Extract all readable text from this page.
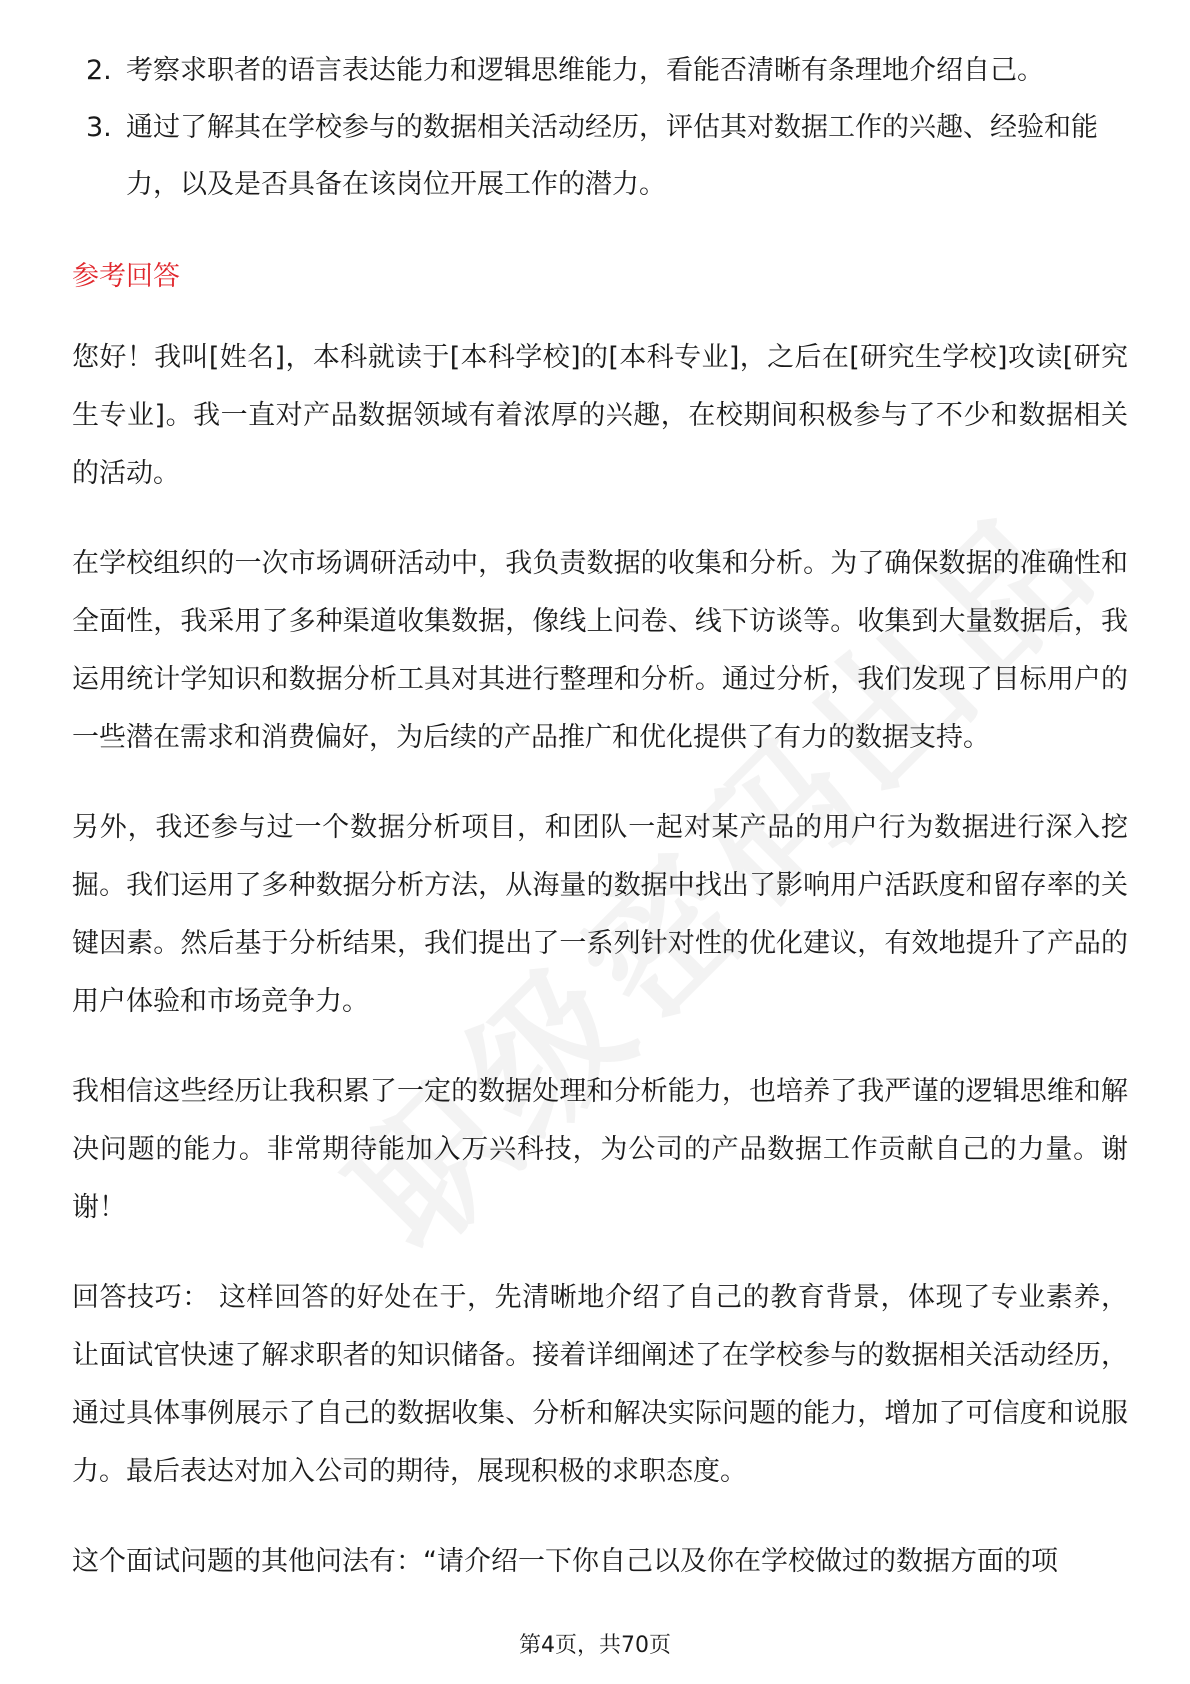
2. 考察求职者的语言表达能力和逻辑思维能力，看能否清晰有条理地介绍自己。
3. 通过了解其在学校参与的数据相关活动经历，评估其对数据工作的兴趣、经验和能力，以及是否具备在该岗位开展工作的潜力。
参考回答

您好！我叫[姓名]，本科就读于[本科学校]的[本科专业]，之后在[研究生学校]攻读[研究生专业]。我一直对产品数据领域有着浓厚的兴趣，在校期间积极参与了不少和数据相关的活动。

在学校组织的一次市场调研活动中，我负责数据的收集和分析。为了确保数据的准确性和全面性，我采用了多种渠道收集数据，像线上问卷、线下访谈等。收集到大量数据后，我运用统计学知识和数据分析工具对其进行整理和分析。通过分析，我们发现了目标用户的一些潜在需求和消费偏好，为后续的产品推广和优化提供了有力的数据支持。

另外，我还参与过一个数据分析项目，和团队一起对某产品的用户行为数据进行深入挖掘。我们运用了多种数据分析方法，从海量的数据中找出了影响用户活跃度和留存率的关键因素。然后基于分析结果，我们提出了一系列针对性的优化建议，有效地提升了产品的用户体验和市场竞争力。

我相信这些经历让我积累了一定的数据处理和分析能力，也培养了我严谨的逻辑思维和解决问题的能力。非常期待能加入万兴科技，为公司的产品数据工作贡献自己的力量。谢谢！

回答技巧： 这样回答的好处在于，先清晰地介绍了自己的教育背景，体现了专业素养，让面试官快速了解求职者的知识储备。接着详细阐述了在学校参与的数据相关活动经历，通过具体事例展示了自己的数据收集、分析和解决实际问题的能力，增加了可信度和说服力。最后表达对加入公司的期待，展现积极的求职态度。

这个面试问题的其他问法有：“请介绍一下你自己以及你在学校做过的数据方面的项

第4页，共70页
